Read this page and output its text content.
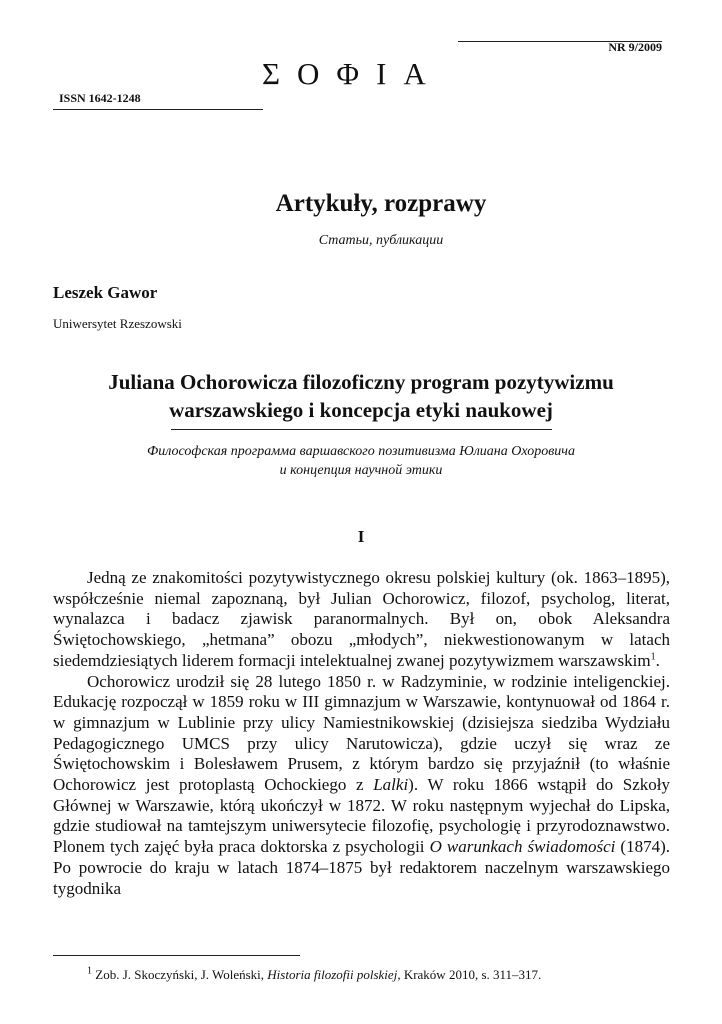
NR 9/2009
ΣΟΦΙΑ
ISSN 1642-1248
Artykuły, rozprawy
Статьи, публикации
Leszek Gawor
Uniwersytet Rzeszowski
Juliana Ochorowicza filozoficzny program pozytywizmu
warszawskiego i koncepcja etyki naukowej
Философская программа варшавского позитивизма Юлиана Охоровича
и концепция научной этики
I

Jedną ze znakomitości pozytywistycznego okresu polskiej kultury (ok. 1863–1895), współcześnie niemal zapoznaną, był Julian Ochorowicz, filozof, psycholog, literat, wynalazca i badacz zjawisk paranormalnych. Był on, obok Aleksandra Świętochowskiego, „hetmana” obozu „młodych”, niekwestionowanym w latach siedemdziesiątych liderem formacji intelektualnej zwanej pozytywizmem warszawskim$^1$.

Ochorowicz urodził się 28 lutego 1850 r. w Radzyminie, w rodzinie inteligenckiej. Edukację rozpoczął w 1859 roku w III gimnazjum w Warszawie, kontynuował od 1864 r. w gimnazjum w Lublinie przy ulicy Namiestnikowskiej (dzisiejsza siedziba Wydziału Pedagogicznego UMCS przy ulicy Narutowicza), gdzie uczył się wraz ze Świętochowskim i Bolesławem Prusem, z którym bardzo się przyjaźnił (to właśnie Ochorowicz jest protoplastą Ochockiego z Lalki). W roku 1866 wstąpił do Szkoły Głównej w Warszawie, którą ukończył w 1872. W roku następnym wyjechał do Lipska, gdzie studiował na tamtejszym uniwersytecie filozofię, psychologię i przyrodoznawstwo. Plonem tych zajęć była praca doktorska z psychologii O warunkach świadomości (1874). Po powrocie do kraju w latach 1874–1875 był redaktorem naczelnym warszawskiego tygodnika

$^1$ Zob. J. Skoczyński, J. Woleński, Historia filozofii polskiej, Kraków 2010, s. 311–317.
